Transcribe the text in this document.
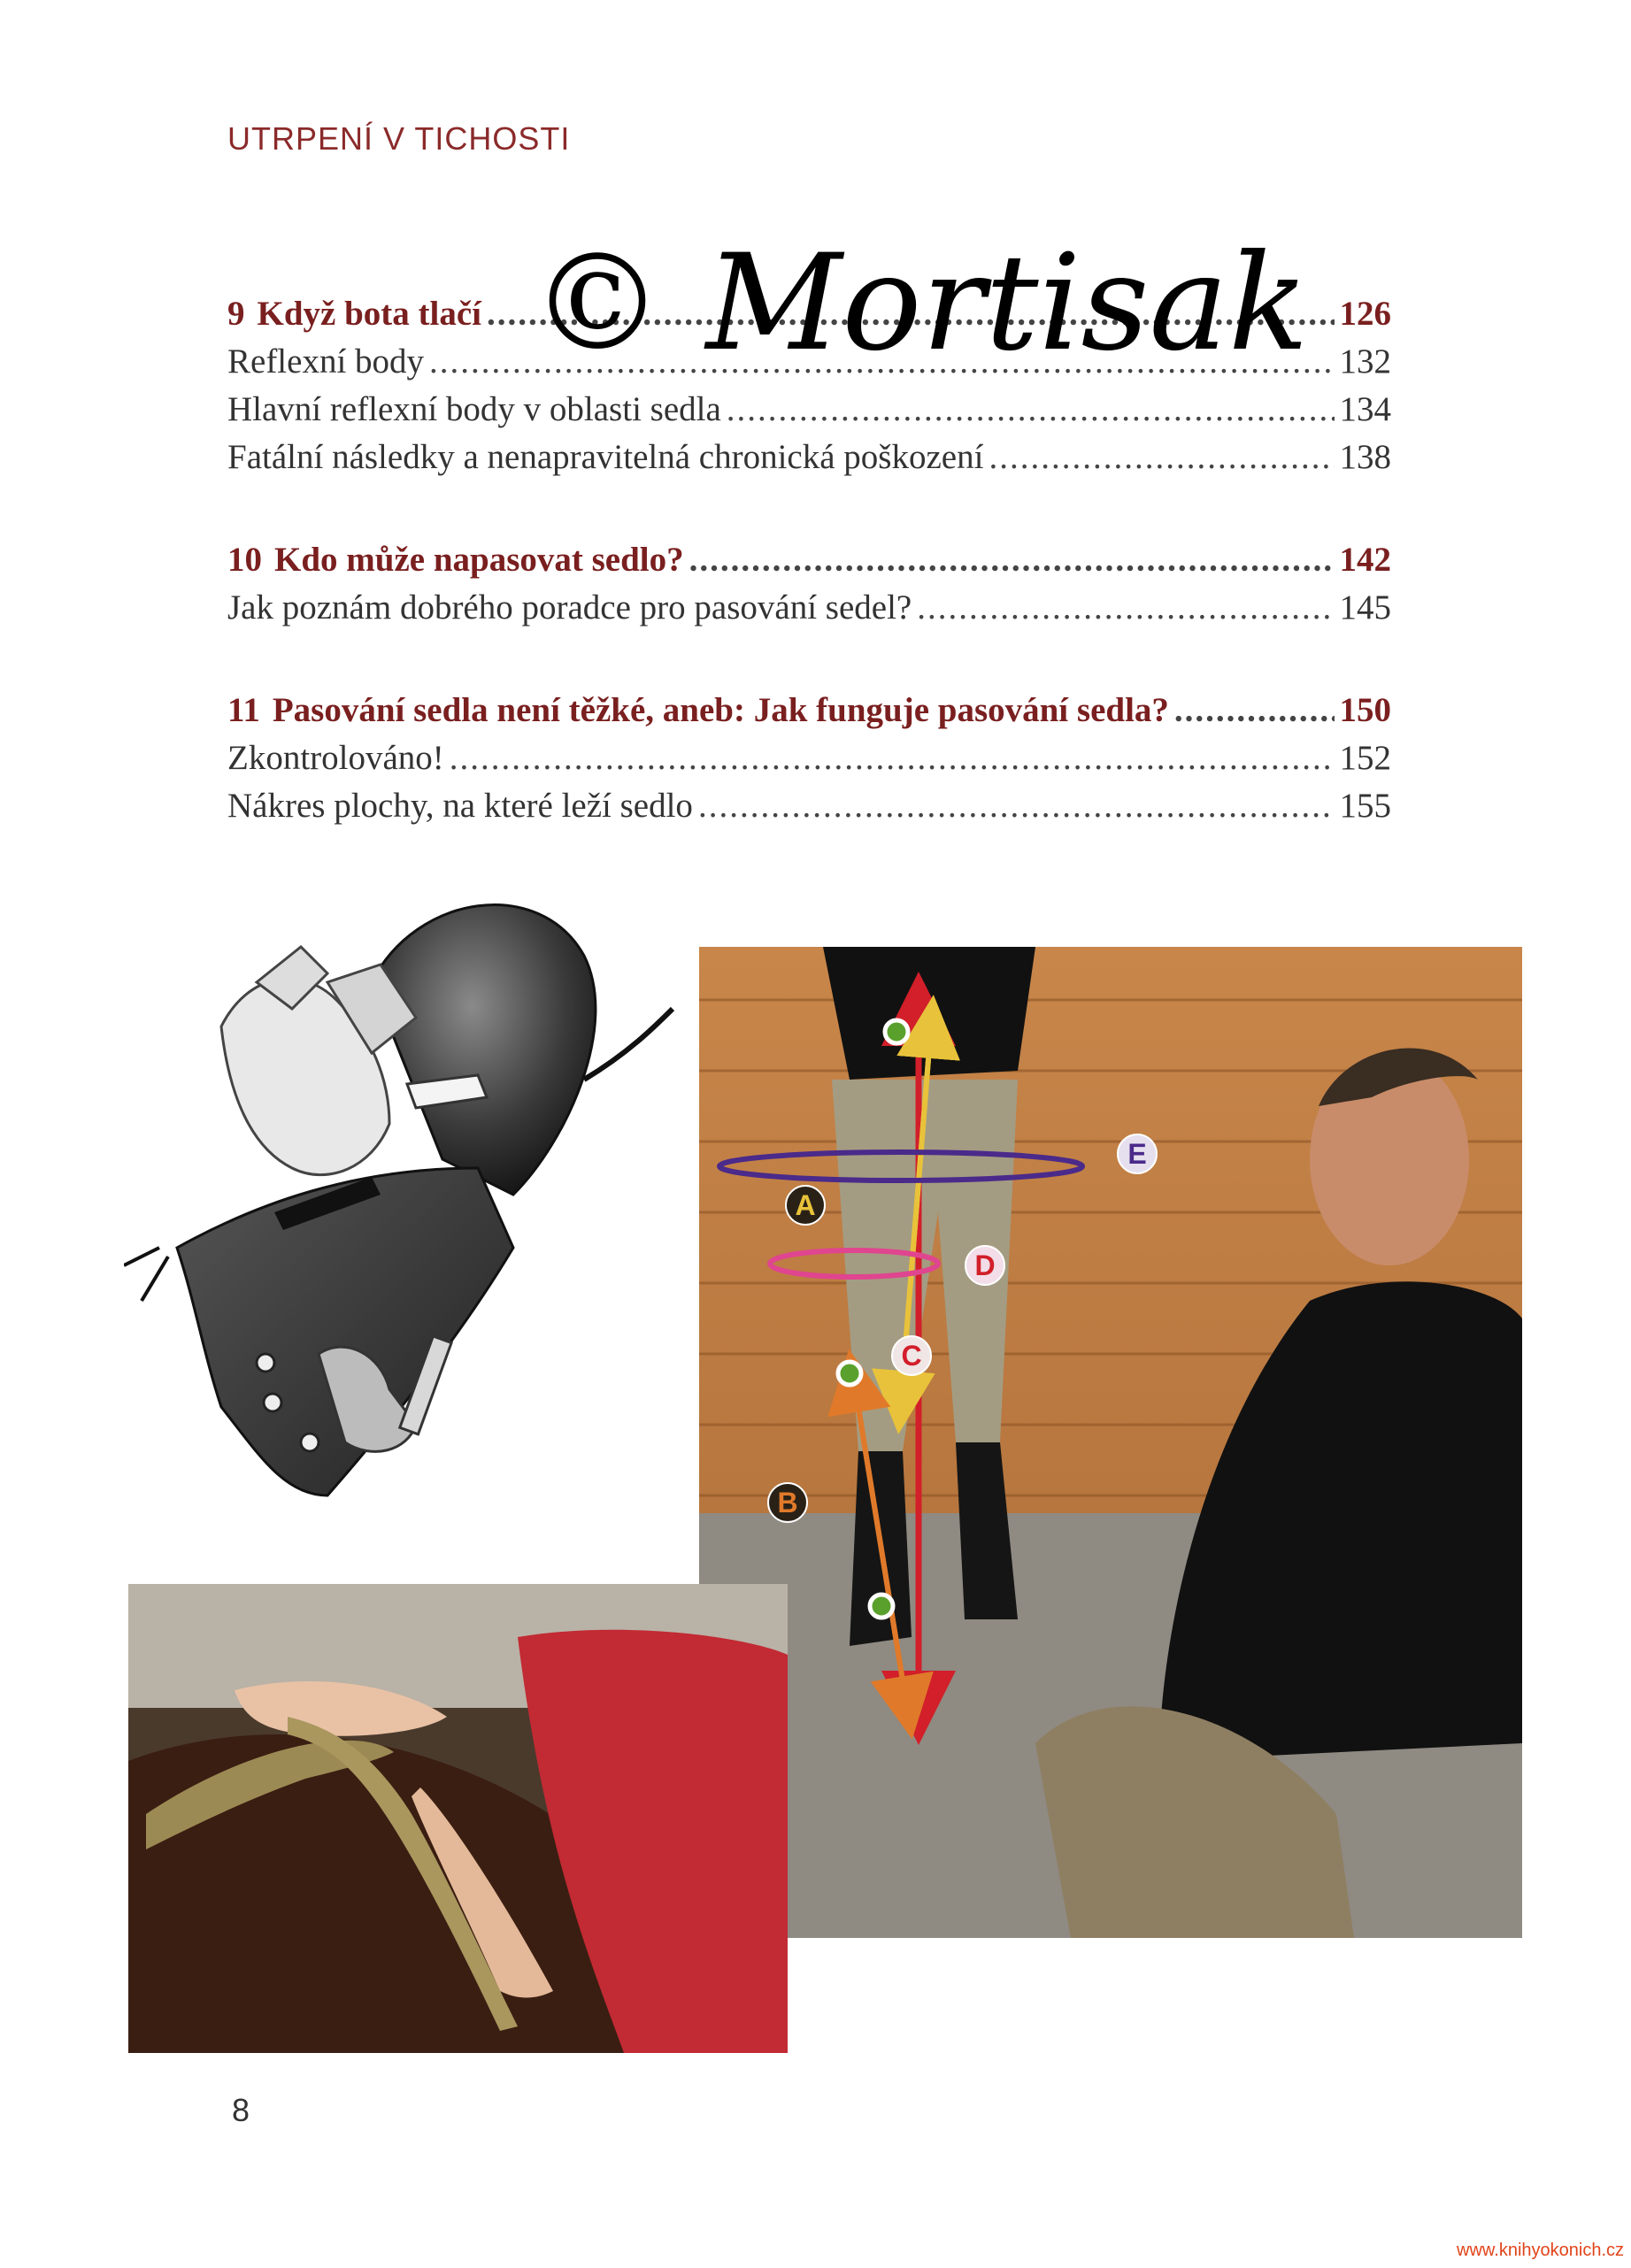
UTRPENÍ V TICHOSTI
9 Když bota tlačí .....	126
Reflexní body .....	132
Hlavní reflexní body v oblasti sedla .....	134
Fatální následky a nenapravitelná chronická poškození .....	138
10 Kdo může napasovat sedlo? .....	142
Jak poznám dobrého poradce pro pasování sedel? .....	145
11 Pasování sedla není těžké, aneb: Jak funguje pasování sedla? .....	150
Zkontrolováno! .....	152
Nákres plochy, na které leží sedlo .....	155
© Mortisak
A
B
C
D
E
8
www.knihyokonich.cz
